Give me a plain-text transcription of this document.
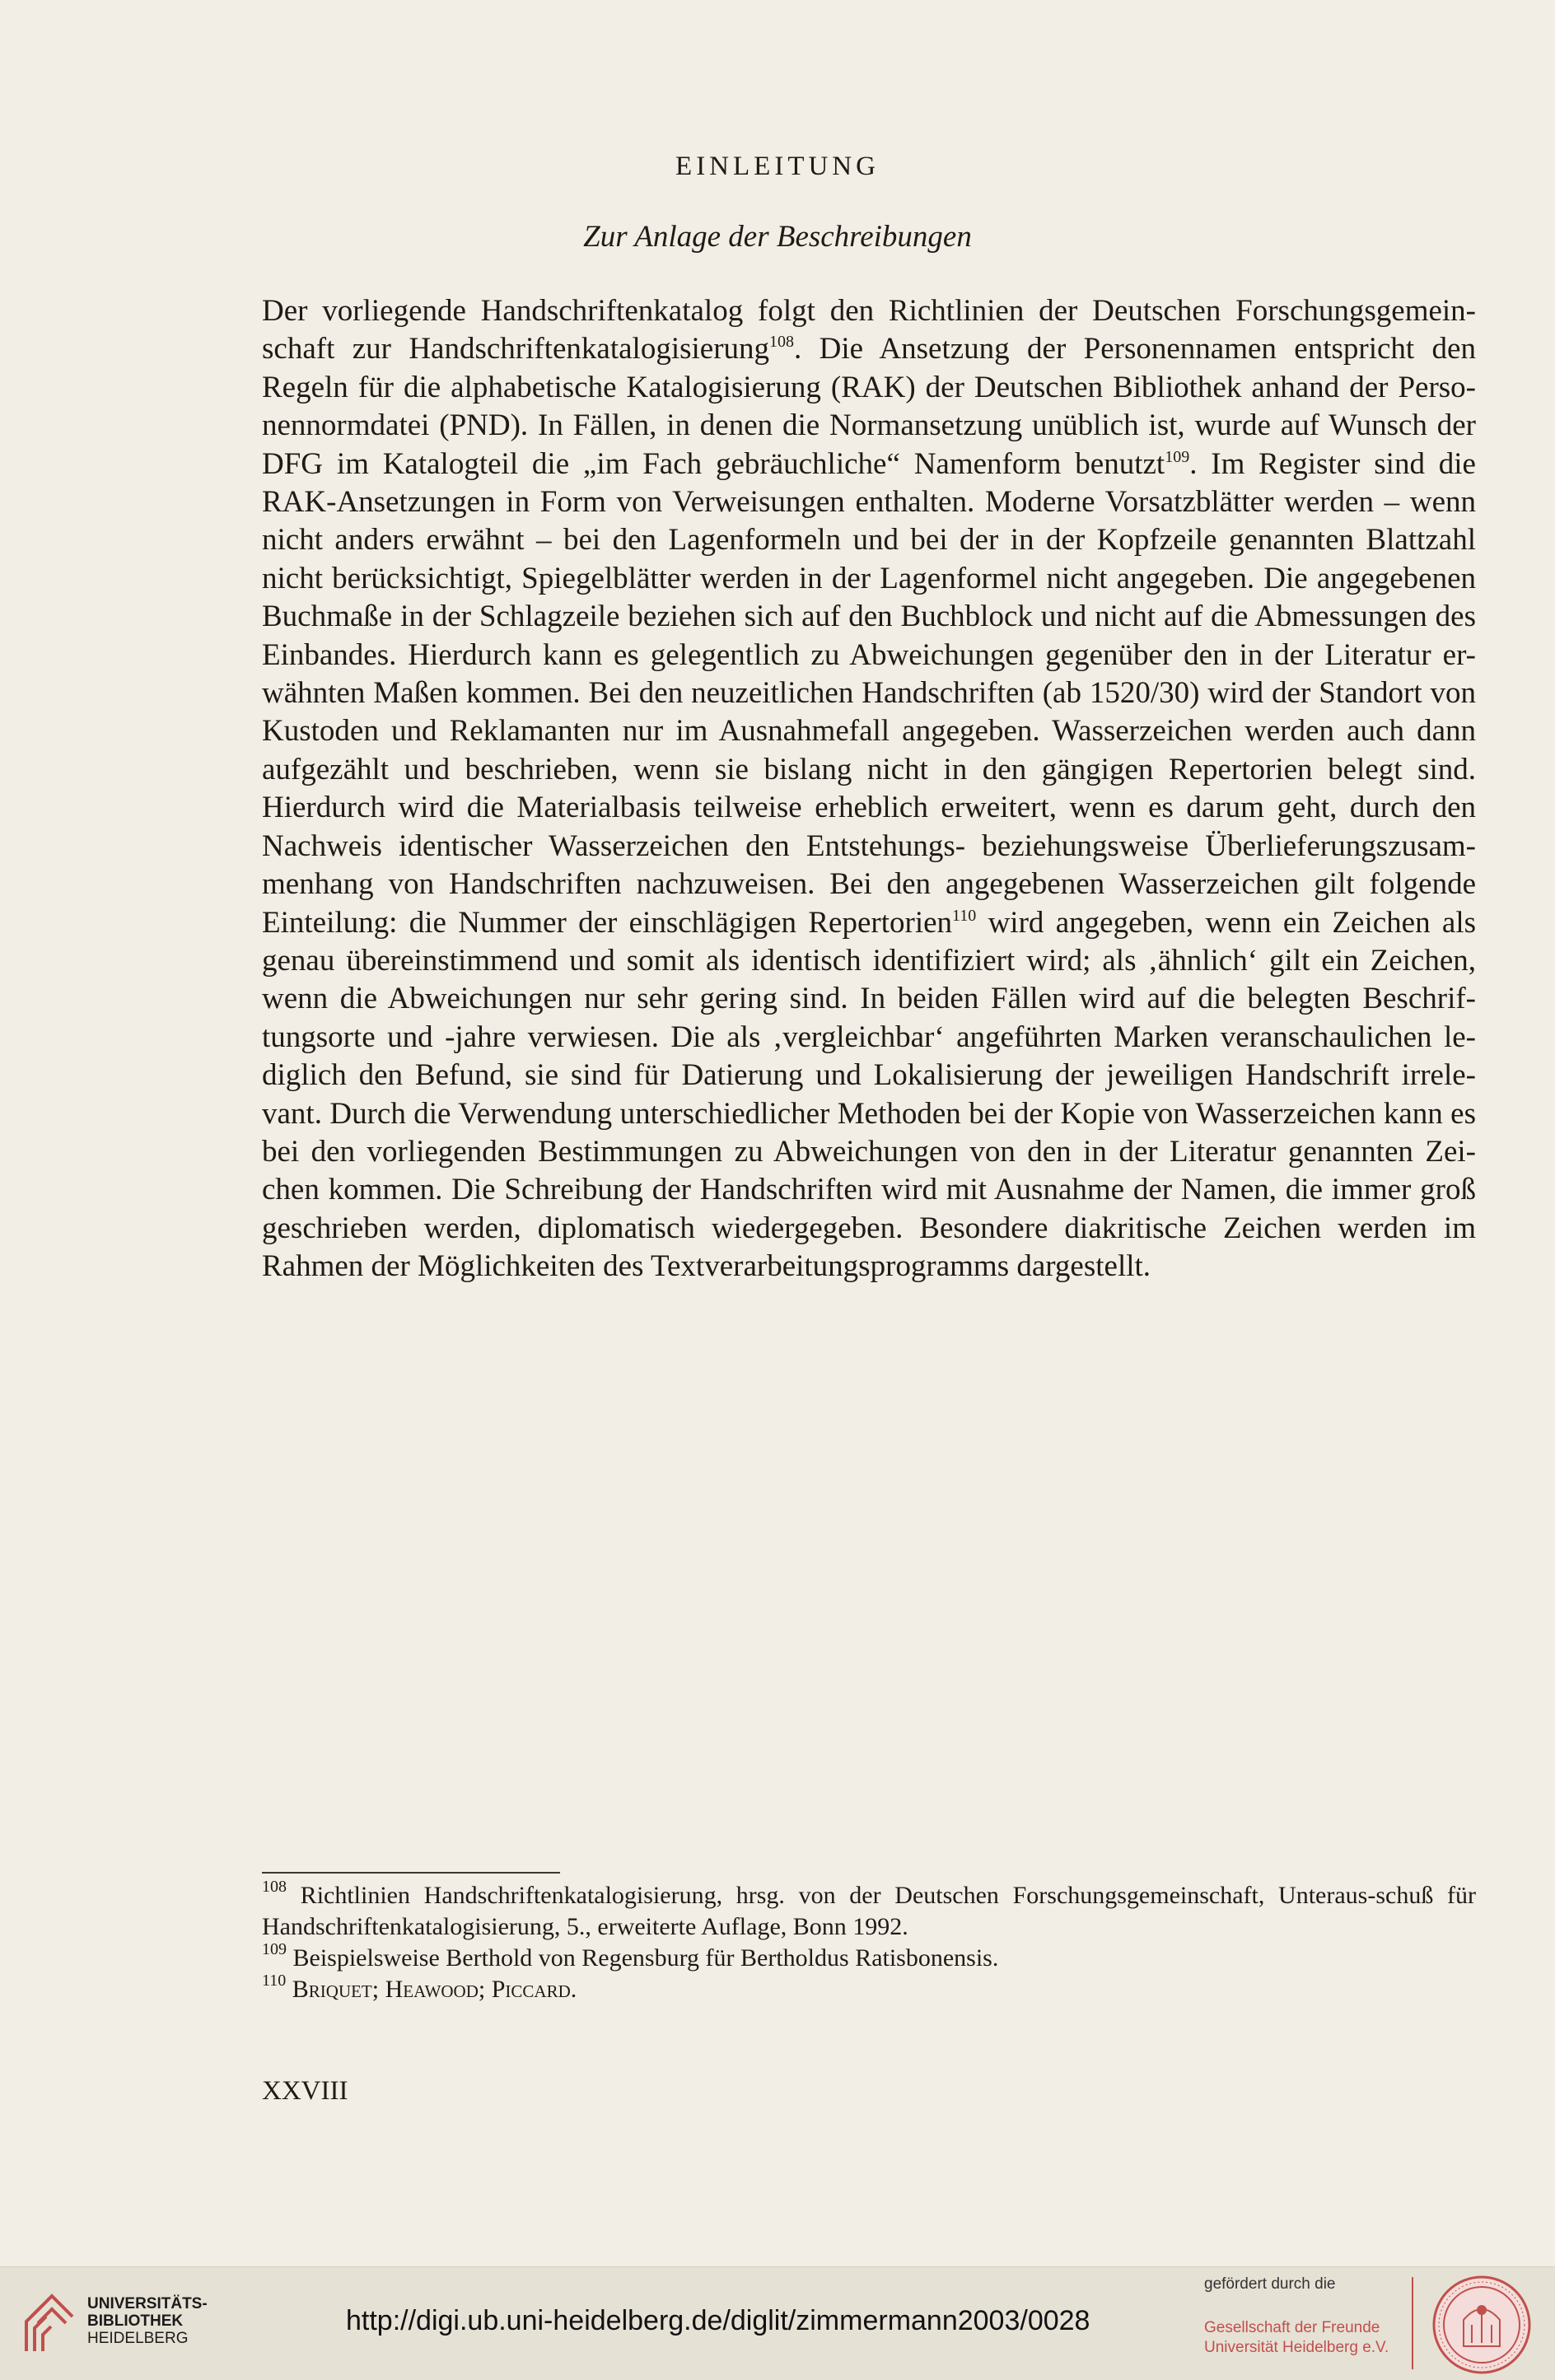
EINLEITUNG
Zur Anlage der Beschreibungen
Der vorliegende Handschriftenkatalog folgt den Richtlinien der Deutschen Forschungsgemein-schaft zur Handschriftenkatalogisierung$^{108}$. Die Ansetzung der Personennamen entspricht den Regeln für die alphabetische Katalogisierung (RAK) der Deutschen Bibliothek anhand der Perso-nennormdatei (PND). In Fällen, in denen die Normansetzung unüblich ist, wurde auf Wunsch der DFG im Katalogteil die „im Fach gebräuchliche“ Namenform benutzt$^{109}$. Im Register sind die RAK-Ansetzungen in Form von Verweisungen enthalten. Moderne Vorsatzblätter werden – wenn nicht anders erwähnt – bei den Lagenformeln und bei der in der Kopfzeile genannten Blattzahl nicht berücksichtigt, Spiegelblätter werden in der Lagenformel nicht angegeben. Die angegebenen Buchmaße in der Schlagzeile beziehen sich auf den Buchblock und nicht auf die Abmessungen des Einbandes. Hierdurch kann es gelegentlich zu Abweichungen gegenüber den in der Literatur er-wähnten Maßen kommen. Bei den neuzeitlichen Handschriften (ab 1520/30) wird der Standort von Kustoden und Reklamanten nur im Ausnahmefall angegeben. Wasserzeichen werden auch dann aufgezählt und beschrieben, wenn sie bislang nicht in den gängigen Repertorien belegt sind. Hierdurch wird die Materialbasis teilweise erheblich erweitert, wenn es darum geht, durch den Nachweis identischer Wasserzeichen den Entstehungs- beziehungsweise Überlieferungszusam-menhang von Handschriften nachzuweisen. Bei den angegebenen Wasserzeichen gilt folgende Einteilung: die Nummer der einschlägigen Repertorien$^{110}$ wird angegeben, wenn ein Zeichen als genau übereinstimmend und somit als identisch identifiziert wird; als ‚ähnlich‘ gilt ein Zeichen, wenn die Abweichungen nur sehr gering sind. In beiden Fällen wird auf die belegten Beschrif-tungsorte und -jahre verwiesen. Die als ‚vergleichbar‘ angeführten Marken veranschaulichen le-diglich den Befund, sie sind für Datierung und Lokalisierung der jeweiligen Handschrift irrele-vant. Durch die Verwendung unterschiedlicher Methoden bei der Kopie von Wasserzeichen kann es bei den vorliegenden Bestimmungen zu Abweichungen von den in der Literatur genannten Zei-chen kommen. Die Schreibung der Handschriften wird mit Ausnahme der Namen, die immer groß geschrieben werden, diplomatisch wiedergegeben. Besondere diakritische Zeichen werden im Rahmen der Möglichkeiten des Textverarbeitungsprogramms dargestellt.

$^{108}$ Richtlinien Handschriftenkatalogisierung, hrsg. von der Deutschen Forschungsgemeinschaft, Unteraus-schuß für Handschriftenkatalogisierung, 5., erweiterte Auflage, Bonn 1992.

$^{109}$ Beispielsweise Berthold von Regensburg für Bertholdus Ratisbonensis.

$^{110}$ Briquet; Heawood; Piccard.

XXVIII
UNIVERSITÄTS-
BIBLIOTHEK
HEIDELBERG
http://digi.ub.uni-heidelberg.de/diglit/zimmermann2003/0028
gefördert durch die
Gesellschaft der Freunde
Universität Heidelberg e.V.
